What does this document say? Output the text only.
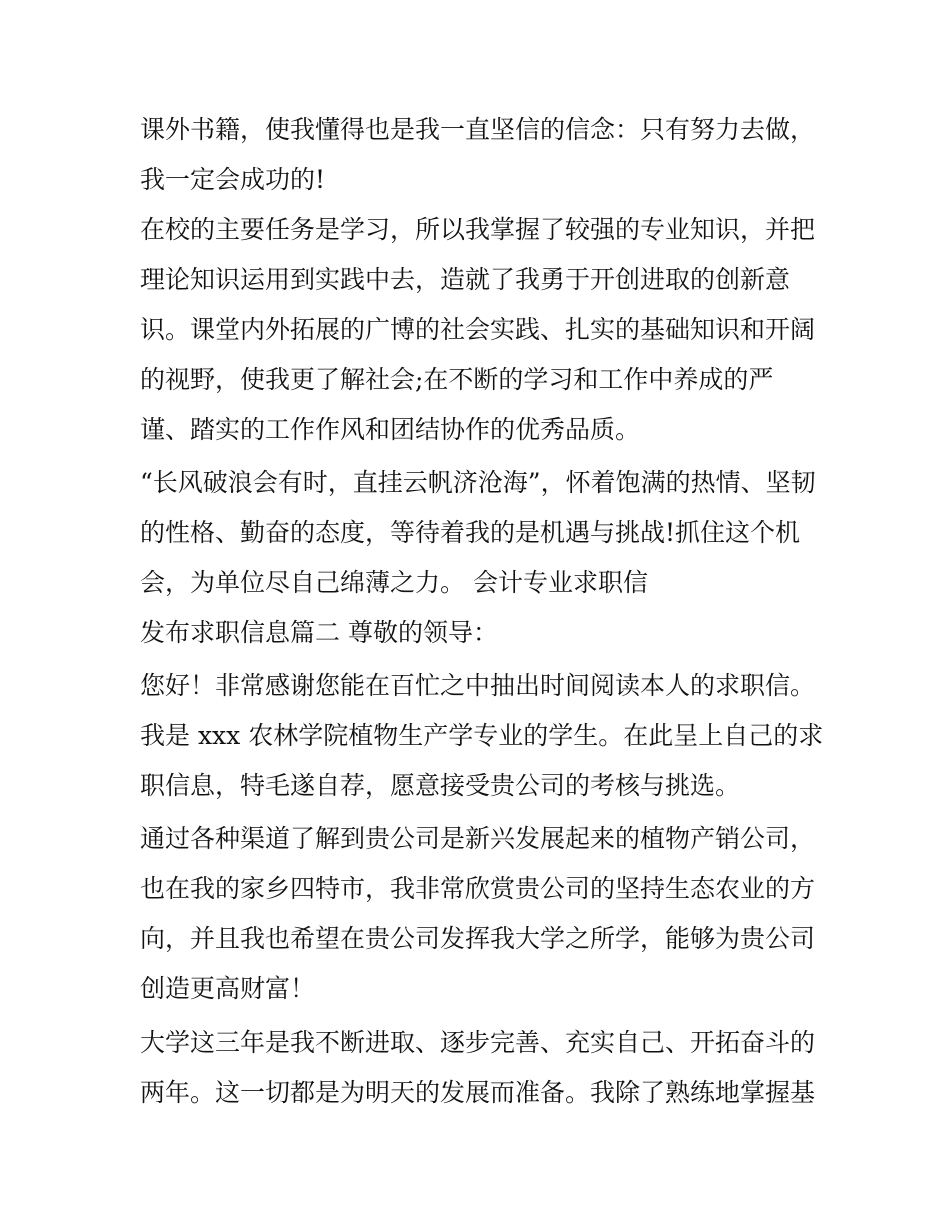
课外书籍，使我懂得也是我一直坚信的信念：只有努力去做，
我一定会成功的!
在校的主要任务是学习，所以我掌握了较强的专业知识，并把
理论知识运用到实践中去，造就了我勇于开创进取的创新意
识。课堂内外拓展的广博的社会实践、扎实的基础知识和开阔
的视野，使我更了解社会;在不断的学习和工作中养成的严
谨、踏实的工作作风和团结协作的优秀品质。
“长风破浪会有时，直挂云帆济沧海”，怀着饱满的热情、坚韧
的性格、勤奋的态度，等待着我的是机遇与挑战!抓住这个机
会，为单位尽自己绵薄之力。 会计专业求职信
发布求职信息篇二 尊敬的领导：
您好！非常感谢您能在百忙之中抽出时间阅读本人的求职信。
我是 xxx 农林学院植物生产学专业的学生。在此呈上自己的求
职信息，特毛遂自荐，愿意接受贵公司的考核与挑选。
通过各种渠道了解到贵公司是新兴发展起来的植物产销公司，
也在我的家乡四特市，我非常欣赏贵公司的坚持生态农业的方
向，并且我也希望在贵公司发挥我大学之所学，能够为贵公司
创造更高财富！
大学这三年是我不断进取、逐步完善、充实自己、开拓奋斗的
两年。这一切都是为明天的发展而准备。我除了熟练地掌握基
